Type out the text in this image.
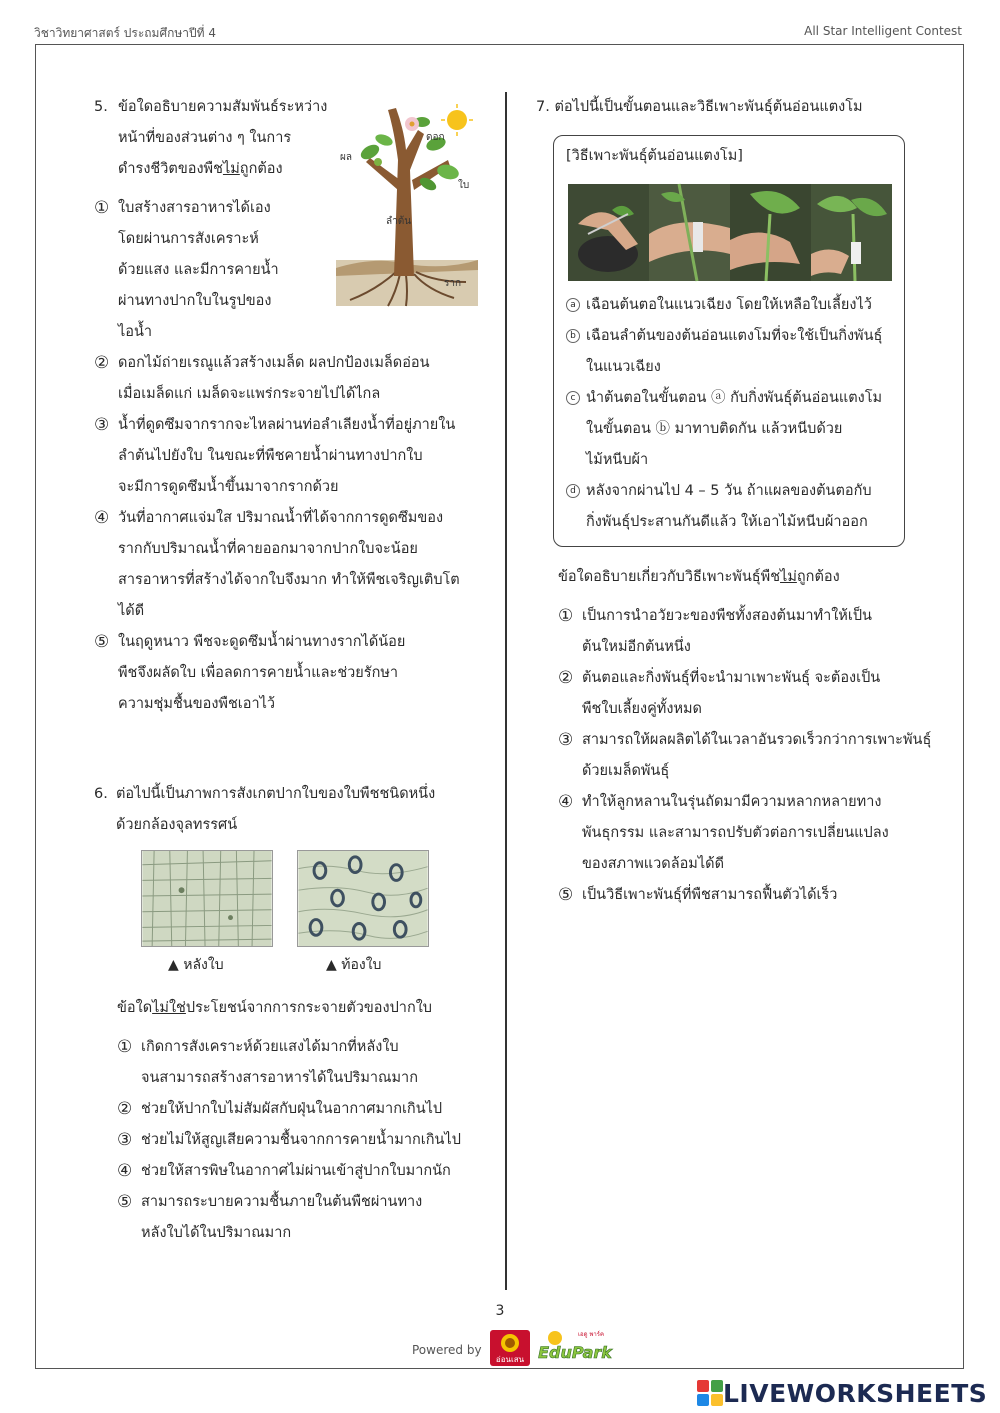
วิชาวิทยาศาสตร์ ประถมศึกษาปีที่ 4	All Star Intelligent Contest
5. ข้อใดอธิบายความสัมพันธ์ระหว่าง
หน้าที่ของส่วนต่าง ๆ ในการ
ดำรงชีวิตของพืชไม่ถูกต้อง
① ใบสร้างสารอาหารได้เอง
โดยผ่านการสังเคราะห์
ด้วยแสง และมีการคายน้ำ
ผ่านทางปากใบในรูปของ
ไอน้ำ
② ดอกไม้ถ่ายเรณูแล้วสร้างเมล็ด ผลปกป้องเมล็ดอ่อน
เมื่อเมล็ดแก่ เมล็ดจะแพร่กระจายไปได้ไกล
③ น้ำที่ดูดซึมจากรากจะไหลผ่านท่อลำเลียงน้ำที่อยู่ภายใน
ลำต้นไปยังใบ ในขณะที่พืชคายน้ำผ่านทางปากใบ
จะมีการดูดซึมน้ำขึ้นมาจากรากด้วย
④ วันที่อากาศแจ่มใส ปริมาณน้ำที่ได้จากการดูดซึมของ
รากกับปริมาณน้ำที่คายออกมาจากปากใบจะน้อย
สารอาหารที่สร้างได้จากใบจึงมาก ทำให้พืชเจริญเติบโต
ได้ดี
⑤ ในฤดูหนาว พืชจะดูดซึมน้ำผ่านทางรากได้น้อย
พืชจึงผลัดใบ เพื่อลดการคายน้ำและช่วยรักษา
ความชุ่มชื้นของพืชเอาไว้
ดอก
ผล
ใบ
ลำต้น
ราก
6. ต่อไปนี้เป็นภาพการสังเกตปากใบของใบพืชชนิดหนึ่ง
ด้วยกล้องจุลทรรศน์
▲ หลังใบ	▲ ท้องใบ
ข้อใดไม่ใช่ประโยชน์จากการกระจายตัวของปากใบ
① เกิดการสังเคราะห์ด้วยแสงได้มากที่หลังใบ
จนสามารถสร้างสารอาหารได้ในปริมาณมาก
② ช่วยให้ปากใบไม่สัมผัสกับฝุ่นในอากาศมากเกินไป
③ ช่วยไม่ให้สูญเสียความชื้นจากการคายน้ำมากเกินไป
④ ช่วยให้สารพิษในอากาศไม่ผ่านเข้าสู่ปากใบมากนัก
⑤ สามารถระบายความชื้นภายในต้นพืชผ่านทาง
หลังใบได้ในปริมาณมาก
7. ต่อไปนี้เป็นขั้นตอนและวิธีเพาะพันธุ์ต้นอ่อนแตงโม
[วิธีเพาะพันธุ์ต้นอ่อนแตงโม]
a เฉือนต้นตอในแนวเฉียง โดยให้เหลือใบเลี้ยงไว้
b เฉือนลำต้นของต้นอ่อนแตงโมที่จะใช้เป็นกิ่งพันธุ์
ในแนวเฉียง
c นำต้นตอในขั้นตอน ⓐ กับกิ่งพันธุ์ต้นอ่อนแตงโม
ในขั้นตอน ⓑ มาทาบติดกัน แล้วหนีบด้วย
ไม้หนีบผ้า
d หลังจากผ่านไป 4 – 5 วัน ถ้าแผลของต้นตอกับ
กิ่งพันธุ์ประสานกันดีแล้ว ให้เอาไม้หนีบผ้าออก
ข้อใดอธิบายเกี่ยวกับวิธีเพาะพันธุ์พืชไม่ถูกต้อง
① เป็นการนำอวัยวะของพืชทั้งสองต้นมาทำให้เป็น
ต้นใหม่อีกต้นหนึ่ง
② ต้นตอและกิ่งพันธุ์ที่จะนำมาเพาะพันธุ์ จะต้องเป็น
พืชใบเลี้ยงคู่ทั้งหมด
③ สามารถให้ผลผลิตได้ในเวลาอันรวดเร็วกว่าการเพาะพันธุ์
ด้วยเมล็ดพันธุ์
④ ทำให้ลูกหลานในรุ่นถัดมามีความหลากหลายทาง
พันธุกรรม และสามารถปรับตัวต่อการเปลี่ยนแปลง
ของสภาพแวดล้อมได้ดี
⑤ เป็นวิธีเพาะพันธุ์ที่พืชสามารถฟื้นตัวได้เร็ว
3
Powered by
อ่อนเสน
เอดู พาร์ค
EduPark
LIVEWORKSHEETS
